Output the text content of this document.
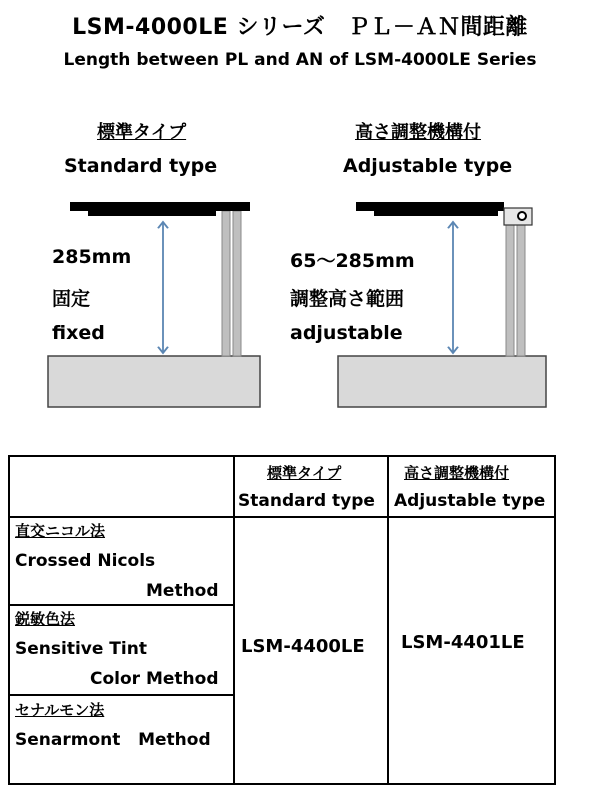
LSM-4000LE シリーズ　ＰＬ－ＡＮ間距離
Length between PL and AN of LSM-4000LE Series
標準タイプ
Standard type
高さ調整機構付
Adjustable type
285mm
固定
fixed
65～285mm
調整高さ範囲
adjustable
標準タイプ
Standard type
高さ調整機構付
Adjustable type
直交ニコル法
Crossed Nicols
Method
鋭敏色法
Sensitive Tint
Color Method
セナルモン法
Senarmont   Method
LSM-4400LE LSM-4401LE
